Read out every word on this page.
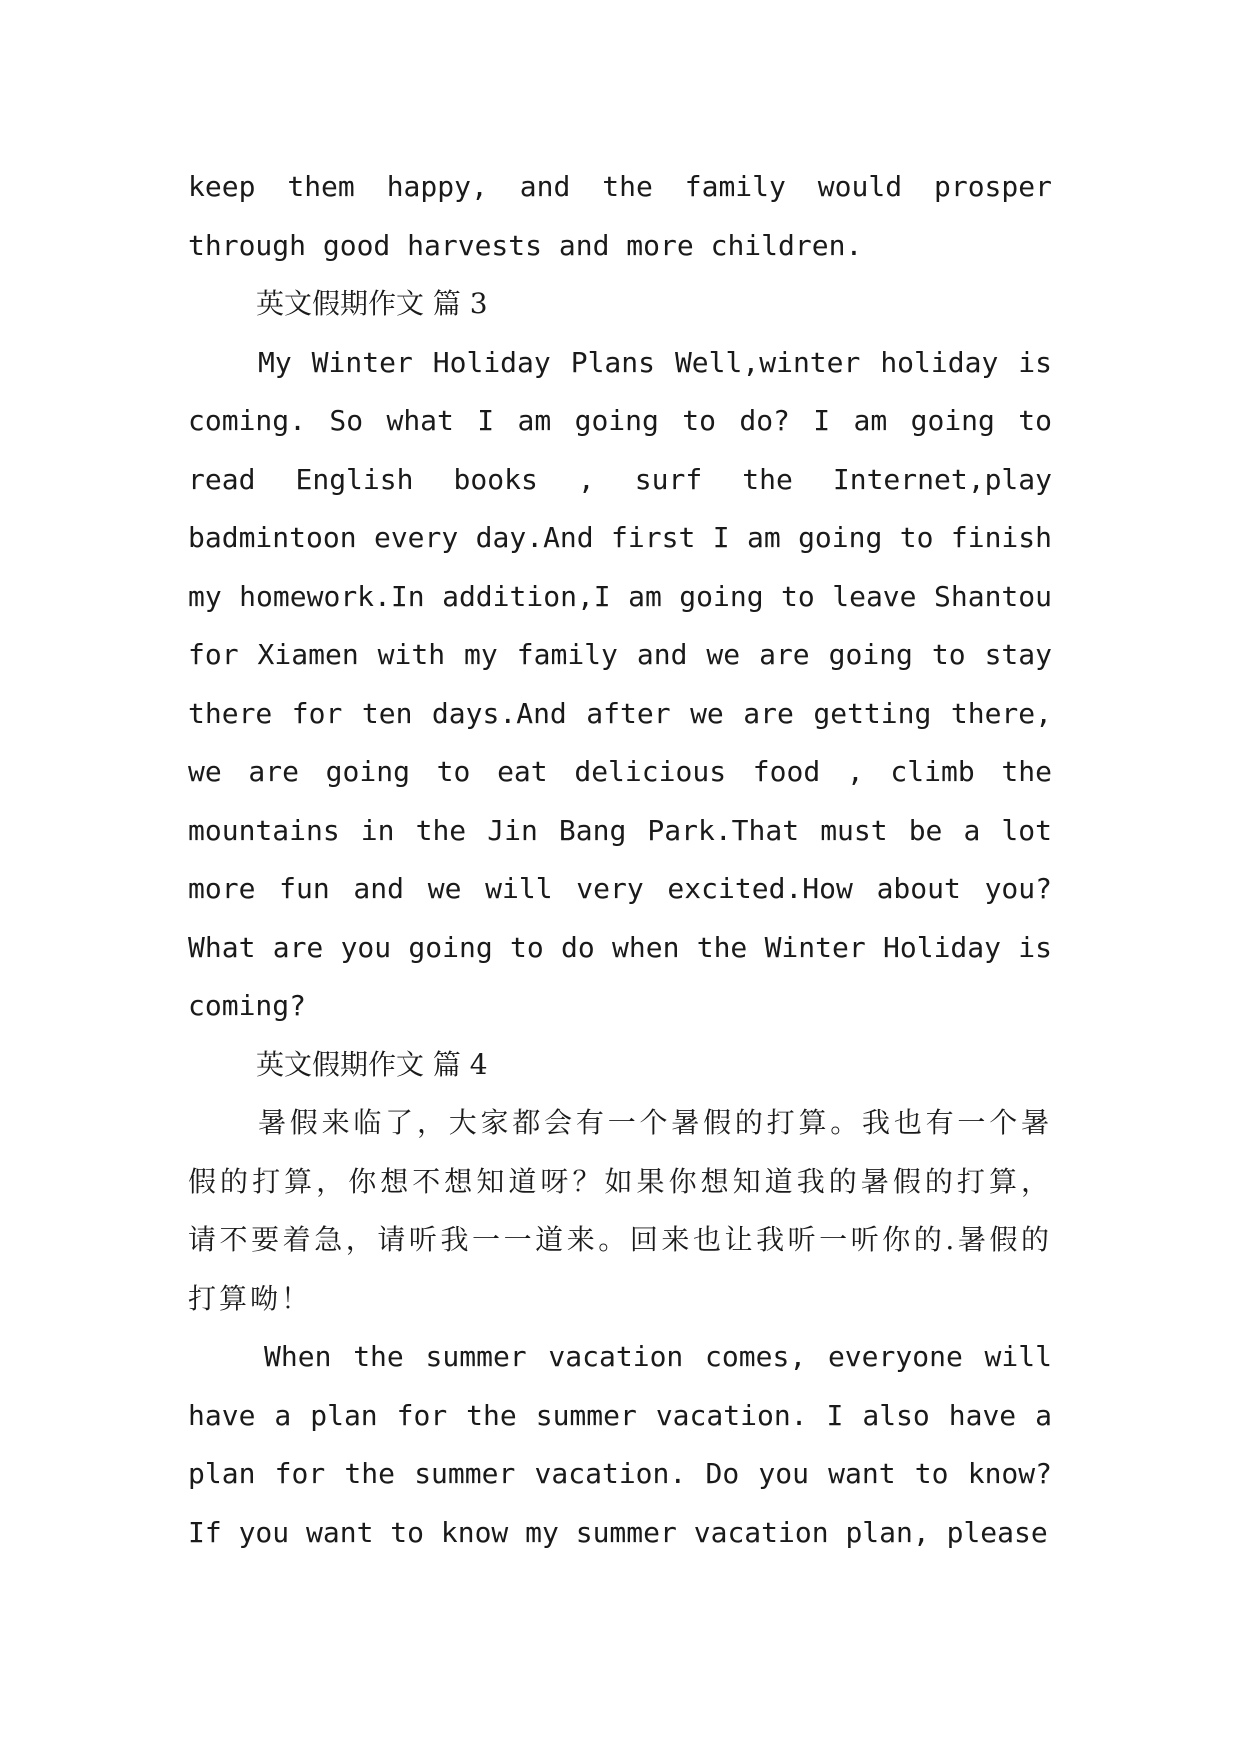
keep them happy, and the family would prosper through good harvests and more children.

英文假期作文 篇 3

My Winter Holiday Plans Well,winter holiday is coming. So what I am going to do? I am going to read English books , surf the Internet,play badmintoon every day.And first I am going to finish my homework.In addition,I am going to leave Shantou for Xiamen with my family and we are going to stay there for ten days.And after we are getting there, we are going to eat delicious food , climb the mountains in the Jin Bang Park.That must be a lot more fun and we will very excited.How about you?What are you going to do when the Winter Holiday is coming?

英文假期作文 篇 4

暑假来临了，大家都会有一个暑假的打算。我也有一个暑假的打算，你想不想知道呀？如果你想知道我的暑假的打算，请不要着急，请听我一一道来。回来也让我听一听你的.暑假的打算呦！

When the summer vacation comes, everyone will have a plan for the summer vacation. I also have a plan for the summer vacation. Do you want to know? If you want to know my summer vacation plan, please
